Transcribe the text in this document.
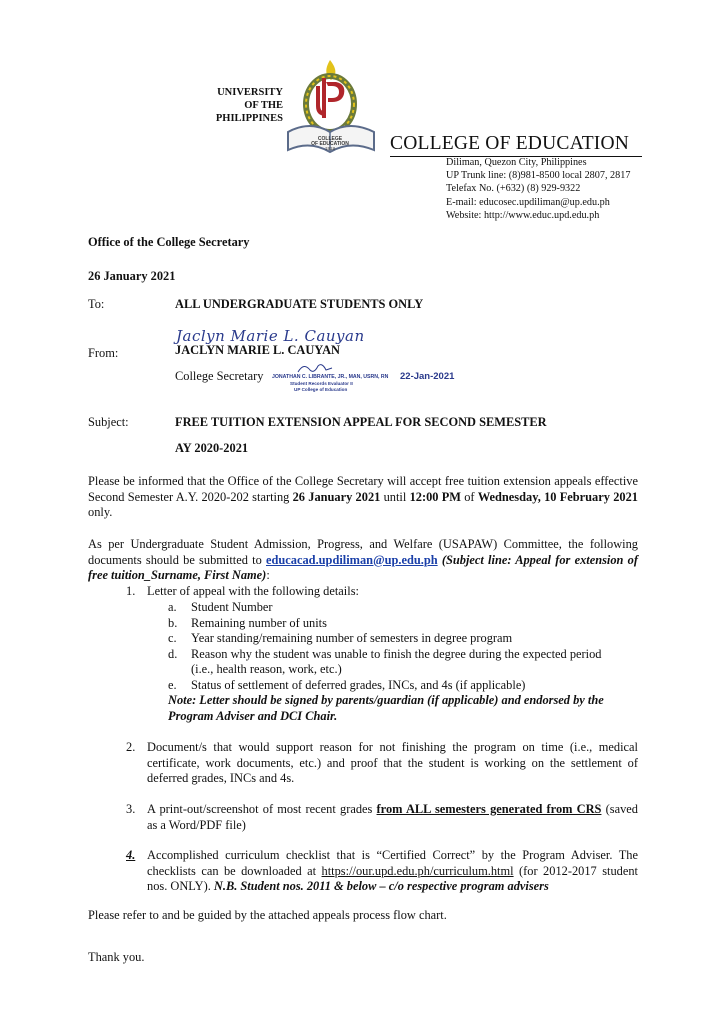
UNIVERSITY
OF THE
PHILIPPINES
COLLEGE
OF EDUCATION
1918	COLLEGE OF EDUCATION
Diliman, Quezon City, Philippines
UP Trunk line: (8)981-8500 local 2807, 2817
Telefax No. (+632) (8) 929-9322
E-mail: educosec.updiliman@up.edu.ph
Website: http://www.educ.upd.edu.ph
Office of the College Secretary
26 January 2021
To:	ALL UNDERGRADUATE STUDENTS ONLY
Jaclyn Marie L. Cauyan
From:	JACLYN MARIE L. CAUYAN
College Secretary JONATHAN C. LIBRANTE, JR., MAN, USRN, RN
Student Records Evaluator II
UP College of Education
22-Jan-2021
Subject:	FREE TUITION EXTENSION APPEAL FOR SECOND SEMESTER
AY 2020-2021
Please be informed that the Office of the College Secretary will accept free tuition extension appeals effective Second Semester A.Y. 2020-202 starting 26 January 2021 until 12:00 PM of Wednesday, 10 February 2021 only.
As per Undergraduate Student Admission, Progress, and Welfare (USAPAW) Committee, the following documents should be submitted to educacad.updiliman@up.edu.ph (Subject line: Appeal for extension of free tuition_Surname, First Name):
1. Letter of appeal with the following details:
a. Student Number
b. Remaining number of units
c. Year standing/remaining number of semesters in degree program
d. Reason why the student was unable to finish the degree during the expected period
(i.e., health reason, work, etc.)
e. Status of settlement of deferred grades, INCs, and 4s (if applicable)
Note: Letter should be signed by parents/guardian (if applicable) and endorsed by the Program Adviser and DCI Chair.
2. Document/s that would support reason for not finishing the program on time (i.e., medical certificate, work documents, etc.) and proof that the student is working on the settlement of deferred grades, INCs and 4s.
3. A print-out/screenshot of most recent grades from ALL semesters generated from CRS (saved as a Word/PDF file)
4. Accomplished curriculum checklist that is “Certified Correct” by the Program Adviser. The checklists can be downloaded at https://our.upd.edu.ph/curriculum.html (for 2012-2017 student nos. ONLY). N.B. Student nos. 2011 & below – c/o respective program advisers
Please refer to and be guided by the attached appeals process flow chart.
Thank you.
